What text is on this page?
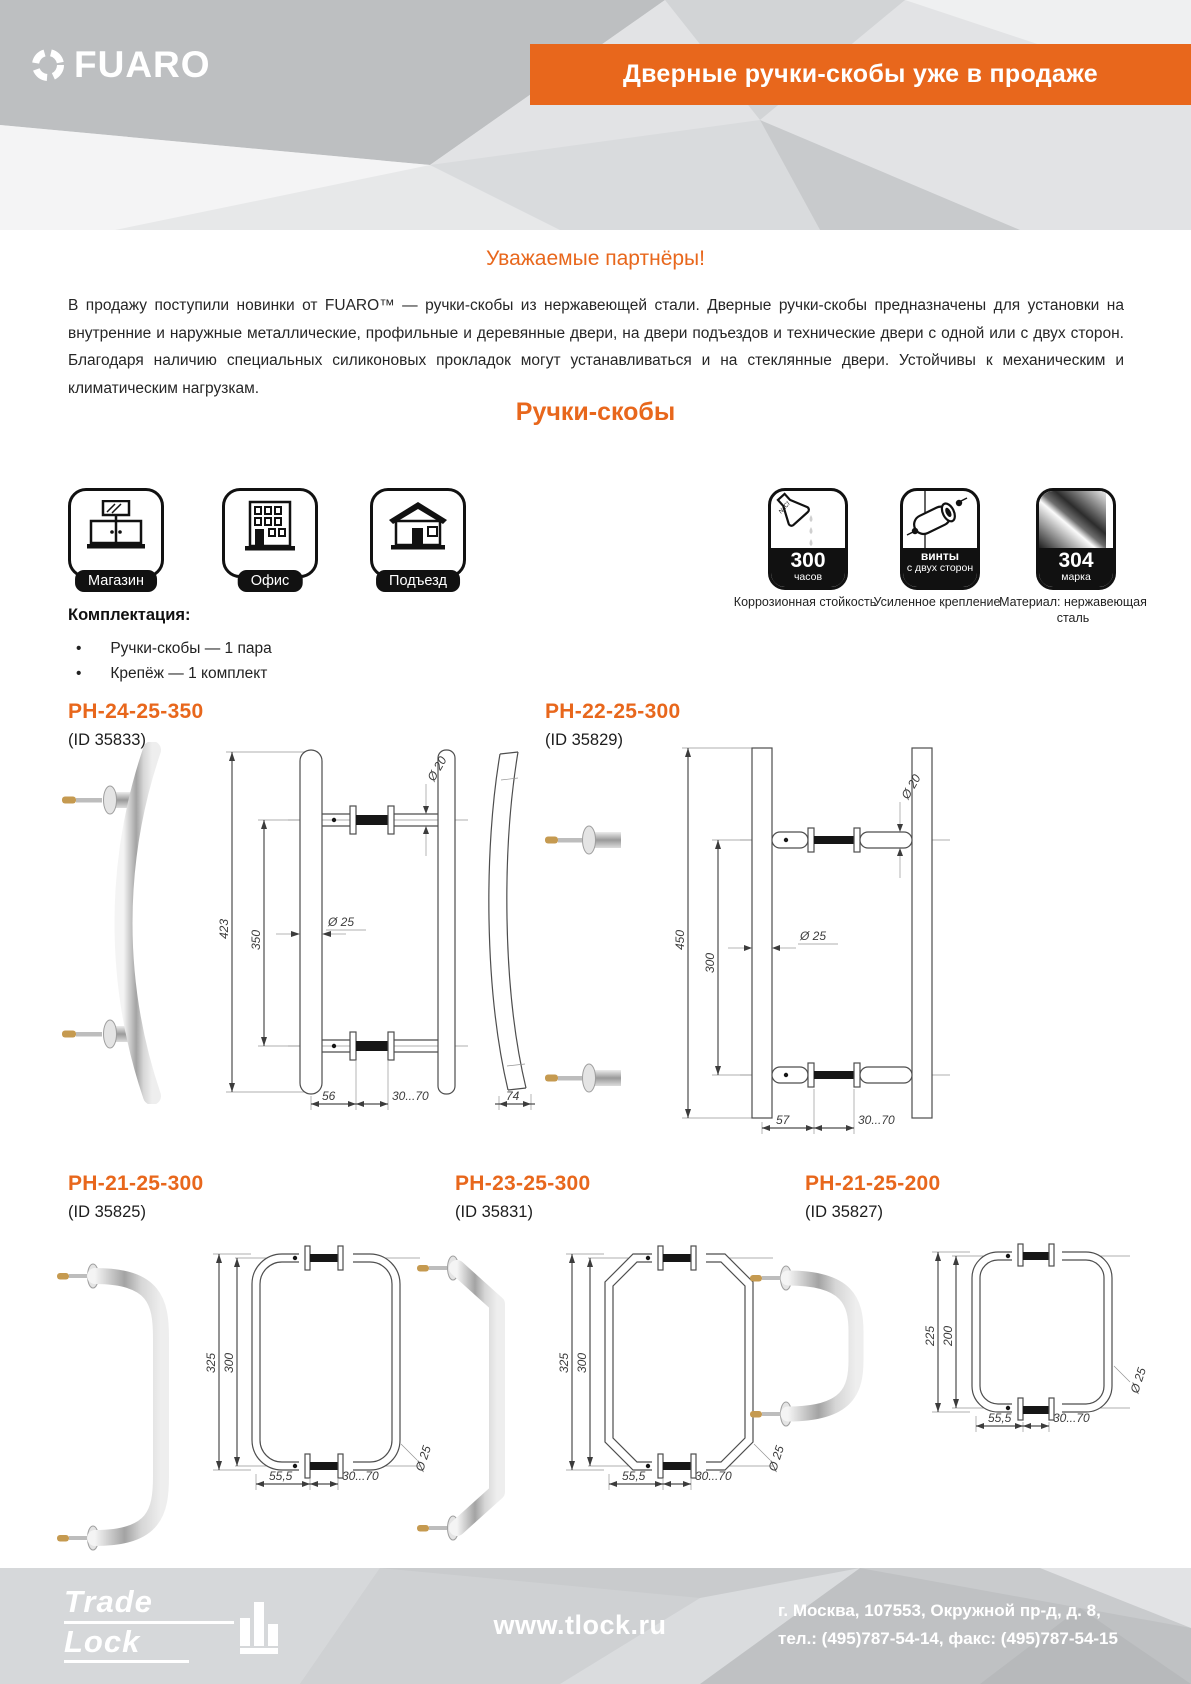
FUARO	Дверные ручки-скобы уже в продаже
Уважаемые партнёры!
В продажу поступили новинки от FUARO™ — ручки-скобы из нержавеющей стали. Дверные ручки-скобы предназначены для установки на внутренние и наружные металлические, профильные и деревянные двери, на двери подъездов и технические двери с одной или с двух сторон. Благодаря наличию специальных силиконовых прокладок могут устанавливаться и на стеклянные двери. Устойчивы к механическим и климатическим нагрузкам.
Ручки-скобы
Магазин	Офис	Подъезд
NaCl
300
часов
винты
с двух сторон	304
марка
Коррозионная стойкость
Усиленное крепление
Материал: нержавеющая сталь
Комплектация:
• Ручки-скобы — 1 пара
• Крепёж — 1 комплект
PH-24-25-350
(ID 35833)
PH-22-25-300
(ID 35829)
423
350
Ø 20
Ø 25
56	30...70	74
450
300
Ø 20
Ø 25
57	30...70
PH-21-25-300
(ID 35825)
PH-23-25-300
(ID 35831)
PH-21-25-200
(ID 35827)
325 300
Ø 25
55,5	30...70
325 300
Ø 25
55,5	30...70
225 200
Ø 25
55,5	30...70
Trade
Lock	www.tlock.ru	г. Москва, 107553, Окружной пр-д, д. 8,
тел.: (495)787-54-14, факс: (495)787-54-15
